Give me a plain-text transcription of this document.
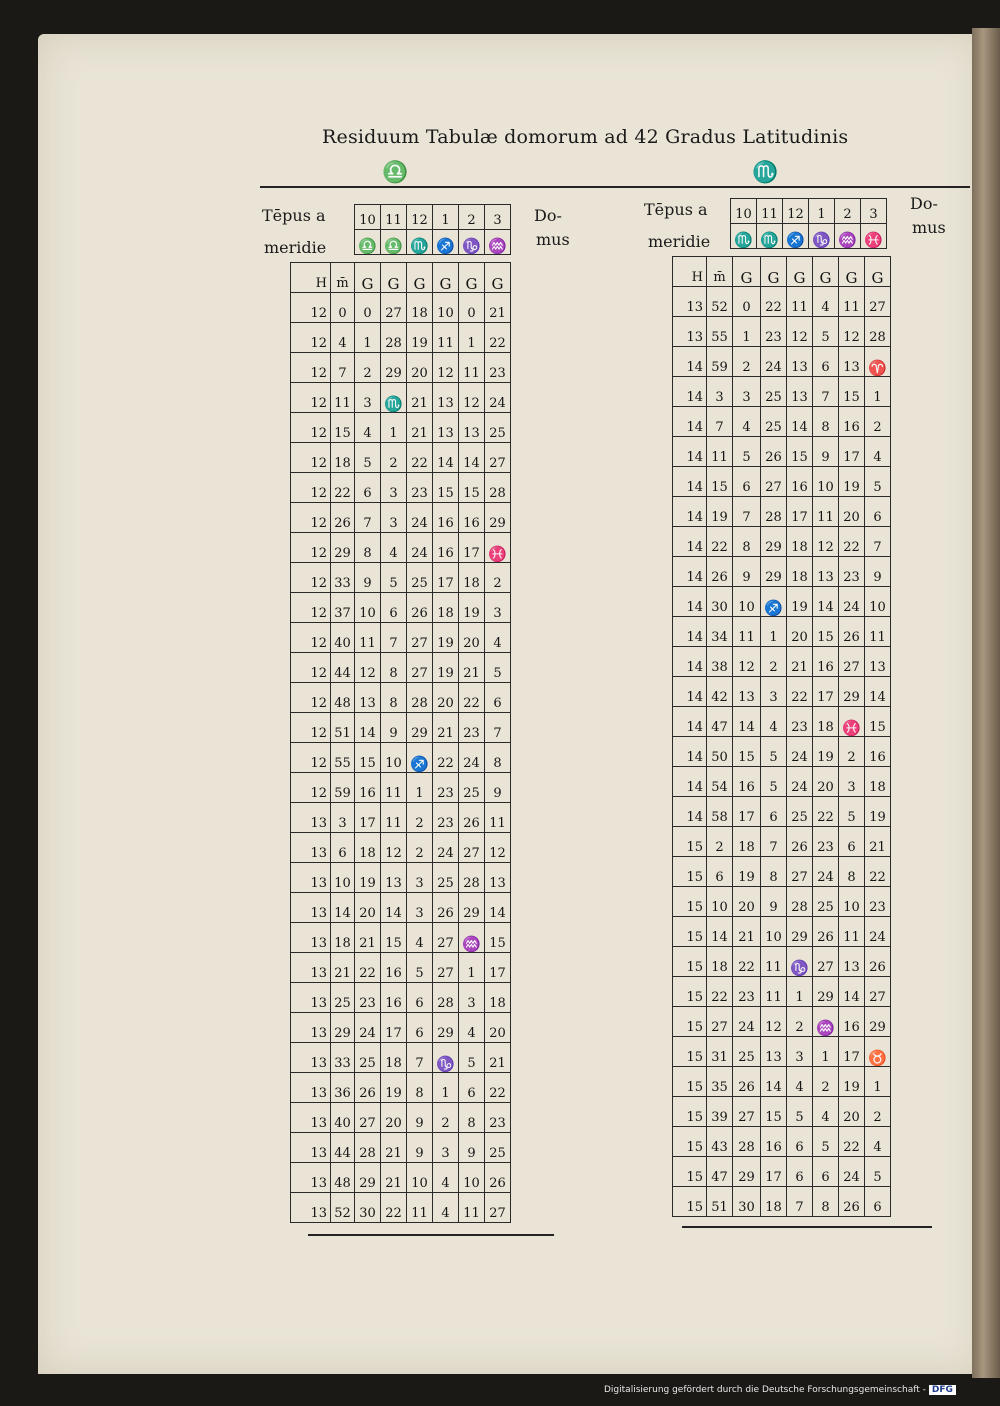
Residuum Tabulæ domorum ad 42 Gradus Latitudinis
♎	♏
Tēpus a
meridie
Do-
mus
10	11	12	1	2	3
♎	♎	♏	♐	♑	♒
Tēpus a
meridie
Do-
mus
10	11	12	1	2	3
♏	♏	♐	♑	♒	♓
H	m̄	G	G	G	G	G	G
12	0	0	27	18	10	0	21
12	4	1	28	19	11	1	22
12	7	2	29	20	12	11	23
12	11	3	♏	21	13	12	24
12	15	4	1	21	13	13	25
12	18	5	2	22	14	14	27
12	22	6	3	23	15	15	28
12	26	7	3	24	16	16	29
12	29	8	4	24	16	17	♓
12	33	9	5	25	17	18	2
12	37	10	6	26	18	19	3
12	40	11	7	27	19	20	4
12	44	12	8	27	19	21	5
12	48	13	8	28	20	22	6
12	51	14	9	29	21	23	7
12	55	15	10	♐	22	24	8
12	59	16	11	1	23	25	9
13	3	17	11	2	23	26	11
13	6	18	12	2	24	27	12
13	10	19	13	3	25	28	13
13	14	20	14	3	26	29	14
13	18	21	15	4	27	♒	15
13	21	22	16	5	27	1	17
13	25	23	16	6	28	3	18
13	29	24	17	6	29	4	20
13	33	25	18	7	♑	5	21
13	36	26	19	8	1	6	22
13	40	27	20	9	2	8	23
13	44	28	21	9	3	9	25
13	48	29	21	10	4	10	26
13	52	30	22	11	4	11	27
H	m̄	G	G	G	G	G	G
13	52	0	22	11	4	11	27
13	55	1	23	12	5	12	28
14	59	2	24	13	6	13	♈
14	3	3	25	13	7	15	1
14	7	4	25	14	8	16	2
14	11	5	26	15	9	17	4
14	15	6	27	16	10	19	5
14	19	7	28	17	11	20	6
14	22	8	29	18	12	22	7
14	26	9	29	18	13	23	9
14	30	10	♐	19	14	24	10
14	34	11	1	20	15	26	11
14	38	12	2	21	16	27	13
14	42	13	3	22	17	29	14
14	47	14	4	23	18	♓	15
14	50	15	5	24	19	2	16
14	54	16	5	24	20	3	18
14	58	17	6	25	22	5	19
15	2	18	7	26	23	6	21
15	6	19	8	27	24	8	22
15	10	20	9	28	25	10	23
15	14	21	10	29	26	11	24
15	18	22	11	♑	27	13	26
15	22	23	11	1	29	14	27
15	27	24	12	2	♒	16	29
15	31	25	13	3	1	17	♉
15	35	26	14	4	2	19	1
15	39	27	15	5	4	20	2
15	43	28	16	6	5	22	4
15	47	29	17	6	6	24	5
15	51	30	18	7	8	26	6
Digitalisierung gefördert durch die Deutsche Forschungsgemeinschaft - DFG
